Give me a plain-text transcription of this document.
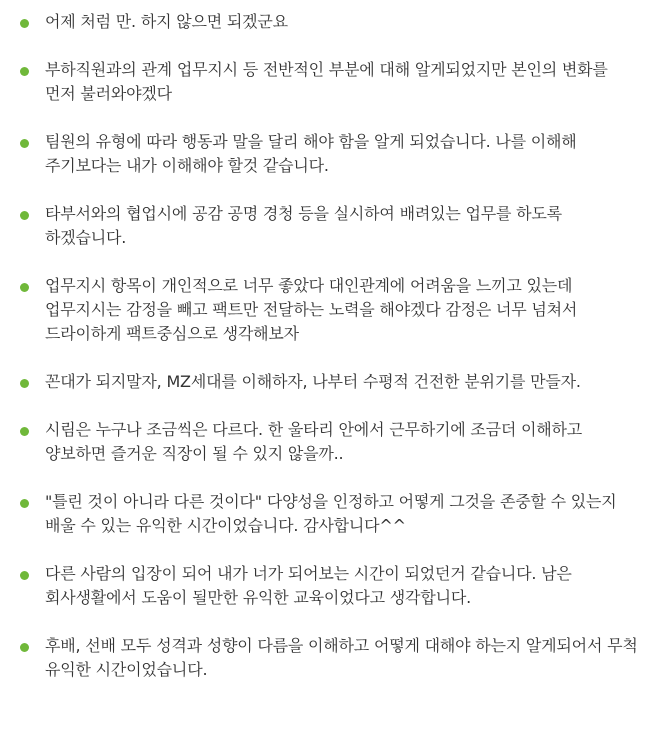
어제 처럼 만. 하지 않으면 되겠군요
부하직원과의 관계 업무지시 등 전반적인 부분에 대해 알게되었지만 본인의 변화를 먼저 불러와야겠다
팀원의 유형에 따라 행동과 말을 달리 해야 함을 알게 되었습니다. 나를 이해해 주기보다는 내가 이해해야 할것 같습니다.
타부서와의 협업시에 공감 공명 경청 등을 실시하여 배려있는 업무를 하도록 하겠습니다.
업무지시 항목이 개인적으로 너무 좋았다 대인관계에 어려움을 느끼고 있는데 업무지시는 감정을 빼고 팩트만 전달하는 노력을 해야겠다 감정은 너무 넘쳐서 드라이하게 팩트중심으로 생각해보자
꼰대가 되지말자, MZ세대를 이해하자, 나부터 수평적 건전한 분위기를 만들자.
시림은 누구나 조금씩은 다르다. 한 울타리 안에서 근무하기에 조금더 이해하고 양보하면 즐거운 직장이 될 수 있지 않을까..
"틀린 것이 아니라 다른 것이다" 다양성을 인정하고 어떻게 그것을 존중할 수 있는지 배울 수 있는 유익한 시간이었습니다. 감사합니다^^
다른 사람의 입장이 되어 내가 너가 되어보는 시간이 되었던거 같습니다. 남은 회사생활에서 도움이 될만한 유익한 교육이었다고 생각합니다.
후배, 선배 모두 성격과 성향이 다름을 이해하고 어떻게 대해야 하는지 알게되어서 무척 유익한 시간이었습니다.
